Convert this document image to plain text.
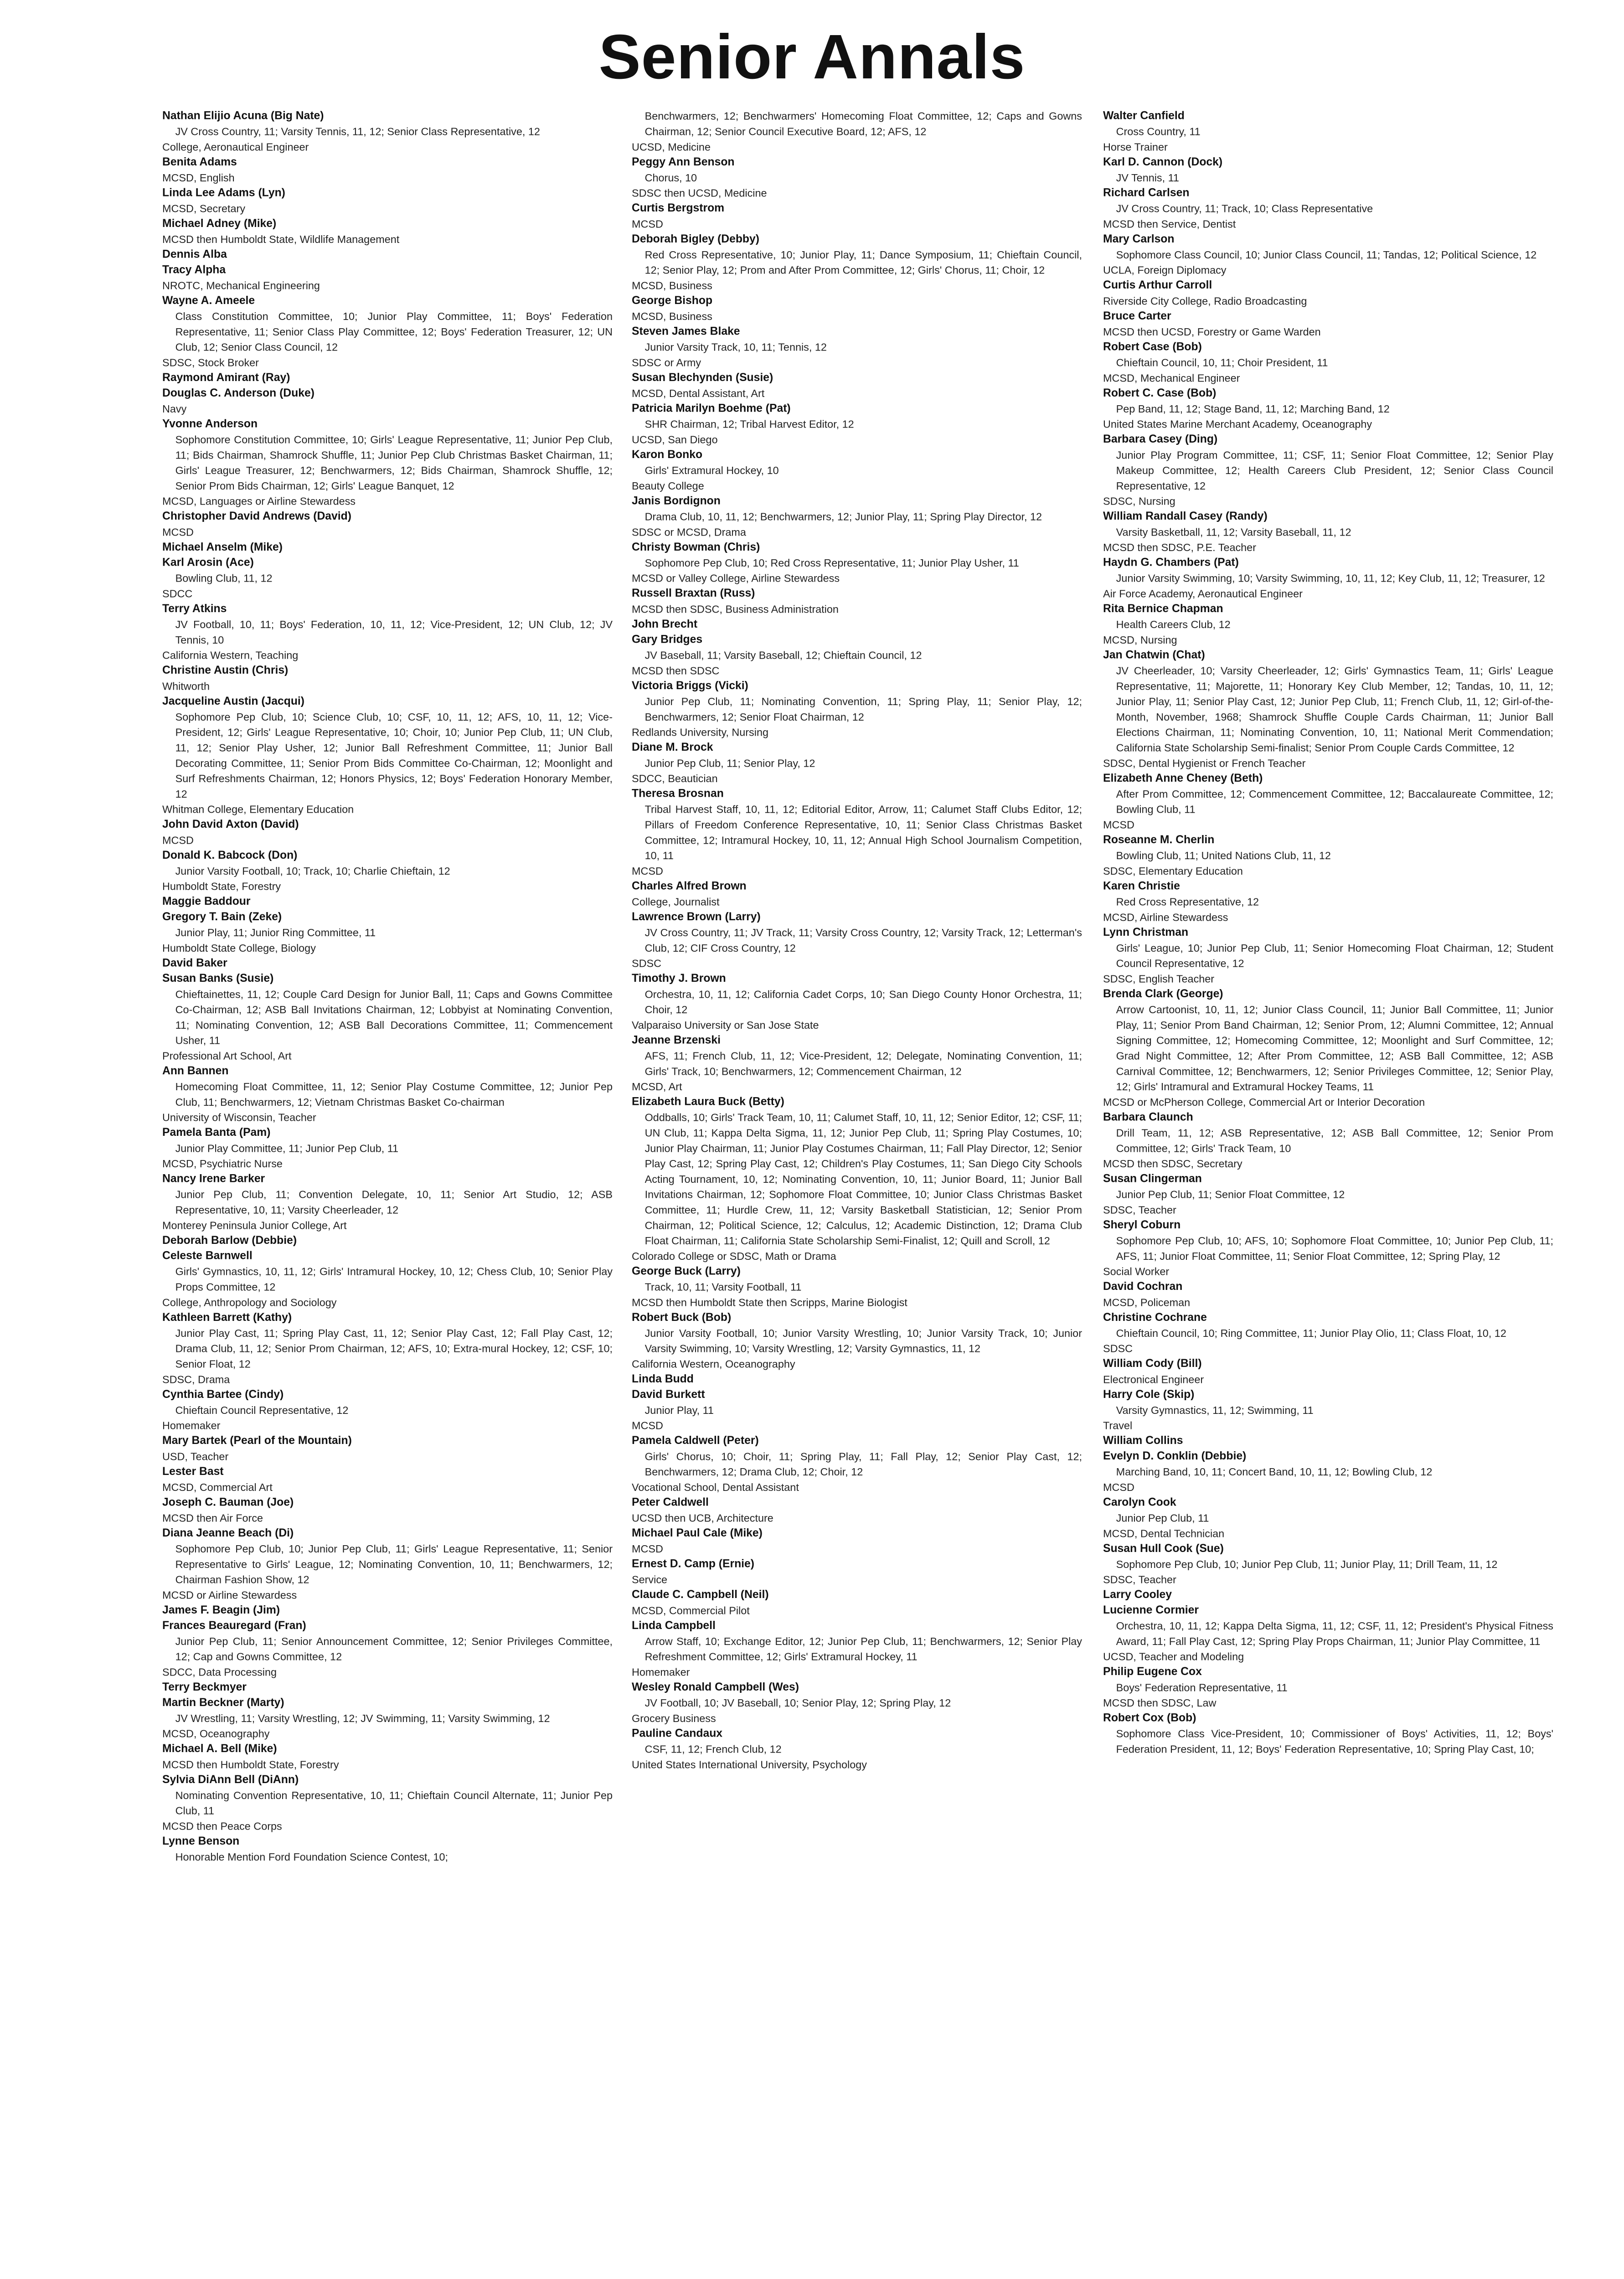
Senior Annals
Nathan Elijio Acuna (Big Nate)
JV Cross Country, 11; Varsity Tennis, 11, 12; Senior Class Representative, 12
College, Aeronautical Engineer
Benita Adams
MCSD, English
Linda Lee Adams (Lyn)
MCSD, Secretary
Michael Adney (Mike)
MCSD then Humboldt State, Wildlife Management
Dennis Alba
Tracy Alpha
NROTC, Mechanical Engineering
Wayne A. Ameele
Class Constitution Committee, 10; Junior Play Committee, 11; Boys' Federation Representative, 11; Senior Class Play Committee, 12; Boys' Federation Treasurer, 12; UN Club, 12; Senior Class Council, 12
SDSC, Stock Broker
Raymond Amirant (Ray)
Douglas C. Anderson (Duke)
Navy
Yvonne Anderson
Sophomore Constitution Committee, 10; Girls' League Representative, 11; Junior Pep Club, 11; Bids Chairman, Shamrock Shuffle, 11; Junior Pep Club Christmas Basket Chairman, 11; Girls' League Treasurer, 12; Benchwarmers, 12; Bids Chairman, Shamrock Shuffle, 12; Senior Prom Bids Chairman, 12; Girls' League Banquet, 12
MCSD, Languages or Airline Stewardess
Christopher David Andrews (David)
MCSD
Michael Anselm (Mike)
Karl Arosin (Ace)
Bowling Club, 11, 12
SDCC
Terry Atkins
JV Football, 10, 11; Boys' Federation, 10, 11, 12; Vice-President, 12; UN Club, 12; JV Tennis, 10
California Western, Teaching
Christine Austin (Chris)
Whitworth
Jacqueline Austin (Jacqui)
Sophomore Pep Club, 10; Science Club, 10; CSF, 10, 11, 12; AFS, 10, 11, 12; Vice-President, 12; Girls' League Representative, 10; Choir, 10; Junior Pep Club, 11; UN Club, 11, 12; Senior Play Usher, 12; Junior Ball Refreshment Committee, 11; Junior Ball Decorating Committee, 11; Senior Prom Bids Committee Co-Chairman, 12; Moonlight and Surf Refreshments Chairman, 12; Honors Physics, 12; Boys' Federation Honorary Member, 12
Whitman College, Elementary Education
John David Axton (David)
MCSD
Donald K. Babcock (Don)
Junior Varsity Football, 10; Track, 10; Charlie Chieftain, 12
Humboldt State, Forestry
Maggie Baddour
Gregory T. Bain (Zeke)
Junior Play, 11; Junior Ring Committee, 11
Humboldt State College, Biology
David Baker
Susan Banks (Susie)
Chieftainettes, 11, 12; Couple Card Design for Junior Ball, 11; Caps and Gowns Committee Co-Chairman, 12; ASB Ball Invitations Chairman, 12; Lobbyist at Nominating Convention, 11; Nominating Convention, 12; ASB Ball Decorations Committee, 11; Commencement Usher, 11
Professional Art School, Art
Ann Bannen
Homecoming Float Committee, 11, 12; Senior Play Costume Committee, 12; Junior Pep Club, 11; Benchwarmers, 12; Vietnam Christmas Basket Co-chairman
University of Wisconsin, Teacher
Pamela Banta (Pam)
Junior Play Committee, 11; Junior Pep Club, 11
MCSD, Psychiatric Nurse
Nancy Irene Barker
Junior Pep Club, 11; Convention Delegate, 10, 11; Senior Art Studio, 12; ASB Representative, 10, 11; Varsity Cheerleader, 12
Monterey Peninsula Junior College, Art
Deborah Barlow (Debbie)
Celeste Barnwell
Girls' Gymnastics, 10, 11, 12; Girls' Intramural Hockey, 10, 12; Chess Club, 10; Senior Play Props Committee, 12
College, Anthropology and Sociology
Kathleen Barrett (Kathy)
Junior Play Cast, 11; Spring Play Cast, 11, 12; Senior Play Cast, 12; Fall Play Cast, 12; Drama Club, 11, 12; Senior Prom Chairman, 12; AFS, 10; Extra-mural Hockey, 12; CSF, 10; Senior Float, 12
SDSC, Drama
Cynthia Bartee (Cindy)
Chieftain Council Representative, 12
Homemaker
Mary Bartek (Pearl of the Mountain)
USD, Teacher
Lester Bast
MCSD, Commercial Art
Joseph C. Bauman (Joe)
MCSD then Air Force
Diana Jeanne Beach (Di)
Sophomore Pep Club, 10; Junior Pep Club, 11; Girls' League Representative, 11; Senior Representative to Girls' League, 12; Nominating Convention, 10, 11; Benchwarmers, 12; Chairman Fashion Show, 12
MCSD or Airline Stewardess
James F. Beagin (Jim)
Frances Beauregard (Fran)
Junior Pep Club, 11; Senior Announcement Committee, 12; Senior Privileges Committee, 12; Cap and Gowns Committee, 12
SDCC, Data Processing
Terry Beckmyer
Martin Beckner (Marty)
JV Wrestling, 11; Varsity Wrestling, 12; JV Swimming, 11; Varsity Swimming, 12
MCSD, Oceanography
Michael A. Bell (Mike)
MCSD then Humboldt State, Forestry
Sylvia DiAnn Bell (DiAnn)
Nominating Convention Representative, 10, 11; Chieftain Council Alternate, 11; Junior Pep Club, 11
MCSD then Peace Corps
Lynne Benson
Honorable Mention Ford Foundation Science Contest, 10;
Benchwarmers, 12; Benchwarmers' Homecoming Float Committee, 12; Caps and Gowns Chairman, 12; Senior Council Executive Board, 12; AFS, 12
UCSD, Medicine
Peggy Ann Benson
Chorus, 10
SDSC then UCSD, Medicine
Curtis Bergstrom
MCSD
Deborah Bigley (Debby)
Red Cross Representative, 10; Junior Play, 11; Dance Symposium, 11; Chieftain Council, 12; Senior Play, 12; Prom and After Prom Committee, 12; Girls' Chorus, 11; Choir, 12
MCSD, Business
George Bishop
MCSD, Business
Steven James Blake
Junior Varsity Track, 10, 11; Tennis, 12
SDSC or Army
Susan Blechynden (Susie)
MCSD, Dental Assistant, Art
Patricia Marilyn Boehme (Pat)
SHR Chairman, 12; Tribal Harvest Editor, 12
UCSD, San Diego
Karon Bonko
Girls' Extramural Hockey, 10
Beauty College
Janis Bordignon
Drama Club, 10, 11, 12; Benchwarmers, 12; Junior Play, 11; Spring Play Director, 12
SDSC or MCSD, Drama
Christy Bowman (Chris)
Sophomore Pep Club, 10; Red Cross Representative, 11; Junior Play Usher, 11
MCSD or Valley College, Airline Stewardess
Russell Braxtan (Russ)
MCSD then SDSC, Business Administration
John Brecht
Gary Bridges
JV Baseball, 11; Varsity Baseball, 12; Chieftain Council, 12
MCSD then SDSC
Victoria Briggs (Vicki)
Junior Pep Club, 11; Nominating Convention, 11; Spring Play, 11; Senior Play, 12; Benchwarmers, 12; Senior Float Chairman, 12
Redlands University, Nursing
Diane M. Brock
Junior Pep Club, 11; Senior Play, 12
SDCC, Beautician
Theresa Brosnan
Tribal Harvest Staff, 10, 11, 12; Editorial Editor, Arrow, 11; Calumet Staff Clubs Editor, 12; Pillars of Freedom Conference Representative, 10, 11; Senior Class Christmas Basket Committee, 12; Intramural Hockey, 10, 11, 12; Annual High School Journalism Competition, 10, 11
MCSD
Charles Alfred Brown
College, Journalist
Lawrence Brown (Larry)
JV Cross Country, 11; JV Track, 11; Varsity Cross Country, 12; Varsity Track, 12; Letterman's Club, 12; CIF Cross Country, 12
SDSC
Timothy J. Brown
Orchestra, 10, 11, 12; California Cadet Corps, 10; San Diego County Honor Orchestra, 11; Choir, 12
Valparaiso University or San Jose State
Jeanne Brzenski
AFS, 11; French Club, 11, 12; Vice-President, 12; Delegate, Nominating Convention, 11; Girls' Track, 10; Benchwarmers, 12; Commencement Chairman, 12
MCSD, Art
Elizabeth Laura Buck (Betty)
Oddballs, 10; Girls' Track Team, 10, 11; Calumet Staff, 10, 11, 12; Senior Editor, 12; CSF, 11; UN Club, 11; Kappa Delta Sigma, 11, 12; Junior Pep Club, 11; Spring Play Costumes, 10; Junior Play Chairman, 11; Junior Play Costumes Chairman, 11; Fall Play Director, 12; Senior Play Cast, 12; Spring Play Cast, 12; Children's Play Costumes, 11; San Diego City Schools Acting Tournament, 10, 12; Nominating Convention, 10, 11; Junior Board, 11; Junior Ball Invitations Chairman, 12; Sophomore Float Committee, 10; Junior Class Christmas Basket Committee, 11; Hurdle Crew, 11, 12; Varsity Basketball Statistician, 12; Senior Prom Chairman, 12; Political Science, 12; Calculus, 12; Academic Distinction, 12; Drama Club Float Chairman, 11; California State Scholarship Semi-Finalist, 12; Quill and Scroll, 12
Colorado College or SDSC, Math or Drama
George Buck (Larry)
Track, 10, 11; Varsity Football, 11
MCSD then Humboldt State then Scripps, Marine Biologist
Robert Buck (Bob)
Junior Varsity Football, 10; Junior Varsity Wrestling, 10; Junior Varsity Track, 10; Junior Varsity Swimming, 10; Varsity Wrestling, 12; Varsity Gymnastics, 11, 12
California Western, Oceanography
Linda Budd
David Burkett
Junior Play, 11
MCSD
Pamela Caldwell (Peter)
Girls' Chorus, 10; Choir, 11; Spring Play, 11; Fall Play, 12; Senior Play Cast, 12; Benchwarmers, 12; Drama Club, 12; Choir, 12
Vocational School, Dental Assistant
Peter Caldwell
UCSD then UCB, Architecture
Michael Paul Cale (Mike)
MCSD
Ernest D. Camp (Ernie)
Service
Claude C. Campbell (Neil)
MCSD, Commercial Pilot
Linda Campbell
Arrow Staff, 10; Exchange Editor, 12; Junior Pep Club, 11; Benchwarmers, 12; Senior Play Refreshment Committee, 12; Girls' Extramural Hockey, 11
Homemaker
Wesley Ronald Campbell (Wes)
JV Football, 10; JV Baseball, 10; Senior Play, 12; Spring Play, 12
Grocery Business
Pauline Candaux
CSF, 11, 12; French Club, 12
United States International University, Psychology
Walter Canfield
Cross Country, 11
Horse Trainer
Karl D. Cannon (Dock)
JV Tennis, 11
Richard Carlsen
JV Cross Country, 11; Track, 10; Class Representative
MCSD then Service, Dentist
Mary Carlson
Sophomore Class Council, 10; Junior Class Council, 11; Tandas, 12; Political Science, 12
UCLA, Foreign Diplomacy
Curtis Arthur Carroll
Riverside City College, Radio Broadcasting
Bruce Carter
MCSD then UCSD, Forestry or Game Warden
Robert Case (Bob)
Chieftain Council, 10, 11; Choir President, 11
MCSD, Mechanical Engineer
Robert C. Case (Bob)
Pep Band, 11, 12; Stage Band, 11, 12; Marching Band, 12
United States Marine Merchant Academy, Oceanography
Barbara Casey (Ding)
Junior Play Program Committee, 11; CSF, 11; Senior Float Committee, 12; Senior Play Makeup Committee, 12; Health Careers Club President, 12; Senior Class Council Representative, 12
SDSC, Nursing
William Randall Casey (Randy)
Varsity Basketball, 11, 12; Varsity Baseball, 11, 12
MCSD then SDSC, P.E. Teacher
Haydn G. Chambers (Pat)
Junior Varsity Swimming, 10; Varsity Swimming, 10, 11, 12; Key Club, 11, 12; Treasurer, 12
Air Force Academy, Aeronautical Engineer
Rita Bernice Chapman
Health Careers Club, 12
MCSD, Nursing
Jan Chatwin (Chat)
JV Cheerleader, 10; Varsity Cheerleader, 12; Girls' Gymnastics Team, 11; Girls' League Representative, 11; Majorette, 11; Honorary Key Club Member, 12; Tandas, 10, 11, 12; Junior Play, 11; Senior Play Cast, 12; Junior Pep Club, 11; French Club, 11, 12; Girl-of-the-Month, November, 1968; Shamrock Shuffle Couple Cards Chairman, 11; Junior Ball Elections Chairman, 11; Nominating Convention, 10, 11; National Merit Commendation; California State Scholarship Semi-finalist; Senior Prom Couple Cards Committee, 12
SDSC, Dental Hygienist or French Teacher
Elizabeth Anne Cheney (Beth)
After Prom Committee, 12; Commencement Committee, 12; Baccalaureate Committee, 12; Bowling Club, 11
MCSD
Roseanne M. Cherlin
Bowling Club, 11; United Nations Club, 11, 12
SDSC, Elementary Education
Karen Christie
Red Cross Representative, 12
MCSD, Airline Stewardess
Lynn Christman
Girls' League, 10; Junior Pep Club, 11; Senior Homecoming Float Chairman, 12; Student Council Representative, 12
SDSC, English Teacher
Brenda Clark (George)
Arrow Cartoonist, 10, 11, 12; Junior Class Council, 11; Junior Ball Committee, 11; Junior Play, 11; Senior Prom Band Chairman, 12; Senior Prom, 12; Alumni Committee, 12; Annual Signing Committee, 12; Homecoming Committee, 12; Moonlight and Surf Committee, 12; Grad Night Committee, 12; After Prom Committee, 12; ASB Ball Committee, 12; ASB Carnival Committee, 12; Benchwarmers, 12; Senior Privileges Committee, 12; Senior Play, 12; Girls' Intramural and Extramural Hockey Teams, 11
MCSD or McPherson College, Commercial Art or Interior Decoration
Barbara Claunch
Drill Team, 11, 12; ASB Representative, 12; ASB Ball Committee, 12; Senior Prom Committee, 12; Girls' Track Team, 10
MCSD then SDSC, Secretary
Susan Clingerman
Junior Pep Club, 11; Senior Float Committee, 12
SDSC, Teacher
Sheryl Coburn
Sophomore Pep Club, 10; AFS, 10; Sophomore Float Committee, 10; Junior Pep Club, 11; AFS, 11; Junior Float Committee, 11; Senior Float Committee, 12; Spring Play, 12
Social Worker
David Cochran
MCSD, Policeman
Christine Cochrane
Chieftain Council, 10; Ring Committee, 11; Junior Play Olio, 11; Class Float, 10, 12
SDSC
William Cody (Bill)
Electronical Engineer
Harry Cole (Skip)
Varsity Gymnastics, 11, 12; Swimming, 11
Travel
William Collins
Evelyn D. Conklin (Debbie)
Marching Band, 10, 11; Concert Band, 10, 11, 12; Bowling Club, 12
MCSD
Carolyn Cook
Junior Pep Club, 11
MCSD, Dental Technician
Susan Hull Cook (Sue)
Sophomore Pep Club, 10; Junior Pep Club, 11; Junior Play, 11; Drill Team, 11, 12
SDSC, Teacher
Larry Cooley
Lucienne Cormier
Orchestra, 10, 11, 12; Kappa Delta Sigma, 11, 12; CSF, 11, 12; President's Physical Fitness Award, 11; Fall Play Cast, 12; Spring Play Props Chairman, 11; Junior Play Committee, 11
UCSD, Teacher and Modeling
Philip Eugene Cox
Boys' Federation Representative, 11
MCSD then SDSC, Law
Robert Cox (Bob)
Sophomore Class Vice-President, 10; Commissioner of Boys' Activities, 11, 12; Boys' Federation President, 11, 12; Boys' Federation Representative, 10; Spring Play Cast, 10;
